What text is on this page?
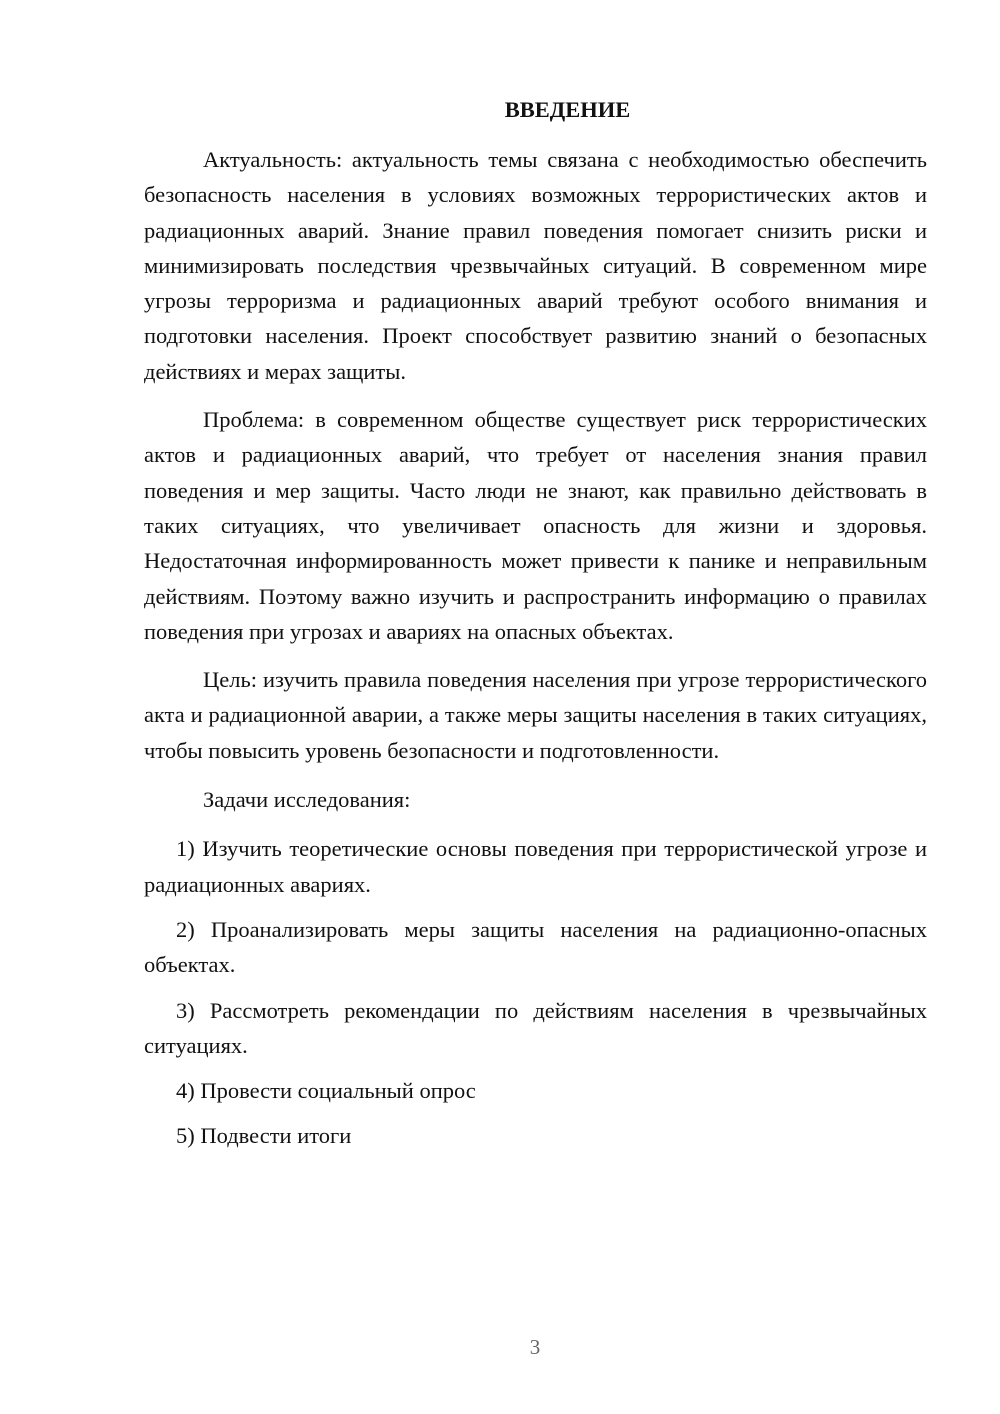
ВВЕДЕНИЕ

Актуальность: актуальность темы связана с необходимостью обеспечить безопасность населения в условиях возможных террористических актов и радиационных аварий. Знание правил поведения помогает снизить риски и минимизировать последствия чрезвычайных ситуаций. В современном мире угрозы терроризма и радиационных аварий требуют особого внимания и подготовки населения. Проект способствует развитию знаний о безопасных действиях и мерах защиты.

Проблема: в современном обществе существует риск террористических актов и радиационных аварий, что требует от населения знания правил поведения и мер защиты. Часто люди не знают, как правильно действовать в таких ситуациях, что увеличивает опасность для жизни и здоровья. Недостаточная информированность может привести к панике и неправильным действиям. Поэтому важно изучить и распространить информацию о правилах поведения при угрозах и авариях на опасных объектах.

Цель: изучить правила поведения населения при угрозе террористического акта и радиационной аварии, а также меры защиты населения в таких ситуациях, чтобы повысить уровень безопасности и подготовленности.

Задачи исследования:

1) Изучить теоретические основы поведения при террористической угрозе и радиационных авариях.

2) Проанализировать меры защиты населения на радиационно-опасных объектах.

3) Рассмотреть рекомендации по действиям населения в чрезвычайных ситуациях.

4) Провести социальный опрос

5) Подвести итоги

3
